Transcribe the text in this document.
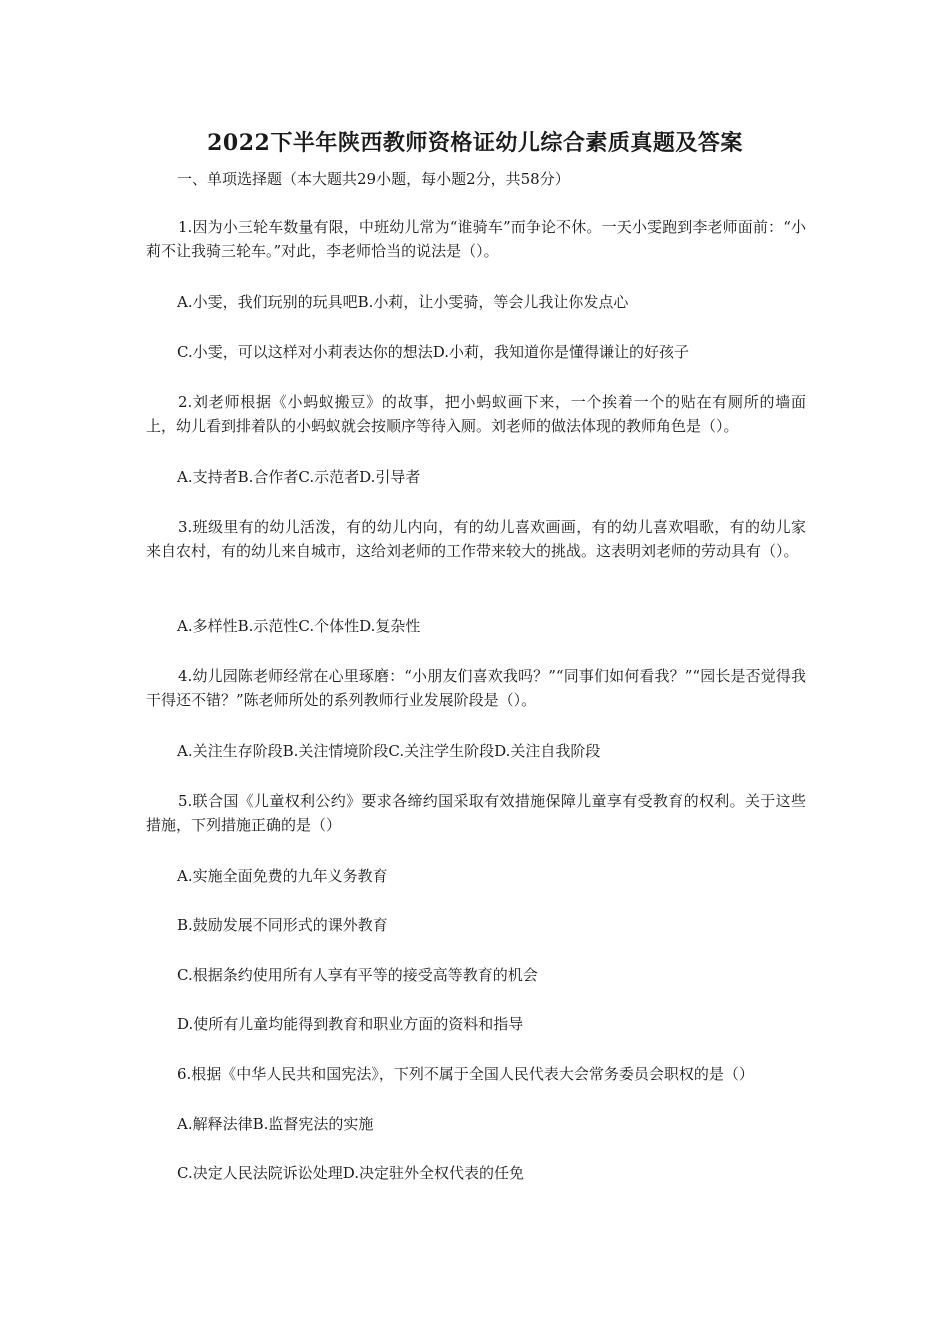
2022下半年陕西教师资格证幼儿综合素质真题及答案
一、单项选择题（本大题共29小题，每小题2分，共58分）
1.因为小三轮车数量有限，中班幼儿常为“谁骑车”而争论不休。一天小雯跑到李老师面前：“小莉不让我骑三轮车。”对此，李老师恰当的说法是（）。
A.小雯，我们玩别的玩具吧B.小莉，让小雯骑，等会儿我让你发点心
C.小雯，可以这样对小莉表达你的想法D.小莉，我知道你是懂得谦让的好孩子
2.刘老师根据《小蚂蚁搬豆》的故事，把小蚂蚁画下来，一个挨着一个的贴在有厕所的墙面上，幼儿看到排着队的小蚂蚁就会按顺序等待入厕。刘老师的做法体现的教师角色是（）。
A.支持者B.合作者C.示范者D.引导者
3.班级里有的幼儿活泼，有的幼儿内向，有的幼儿喜欢画画，有的幼儿喜欢唱歌，有的幼儿家来自农村，有的幼儿来自城市，这给刘老师的工作带来较大的挑战。这表明刘老师的劳动具有（）。
A.多样性B.示范性C.个体性D.复杂性
4.幼儿园陈老师经常在心里琢磨：“小朋友们喜欢我吗？”“同事们如何看我？”“园长是否觉得我干得还不错？”陈老师所处的系列教师行业发展阶段是（）。
A.关注生存阶段B.关注情境阶段C.关注学生阶段D.关注自我阶段
5.联合国《儿童权利公约》要求各缔约国采取有效措施保障儿童享有受教育的权利。关于这些措施，下列措施正确的是（）
A.实施全面免费的九年义务教育
B.鼓励发展不同形式的课外教育
C.根据条约使用所有人享有平等的接受高等教育的机会
D.使所有儿童均能得到教育和职业方面的资料和指导
6.根据《中华人民共和国宪法》，下列不属于全国人民代表大会常务委员会职权的是（）
A.解释法律B.监督宪法的实施
C.决定人民法院诉讼处理D.决定驻外全权代表的任免
